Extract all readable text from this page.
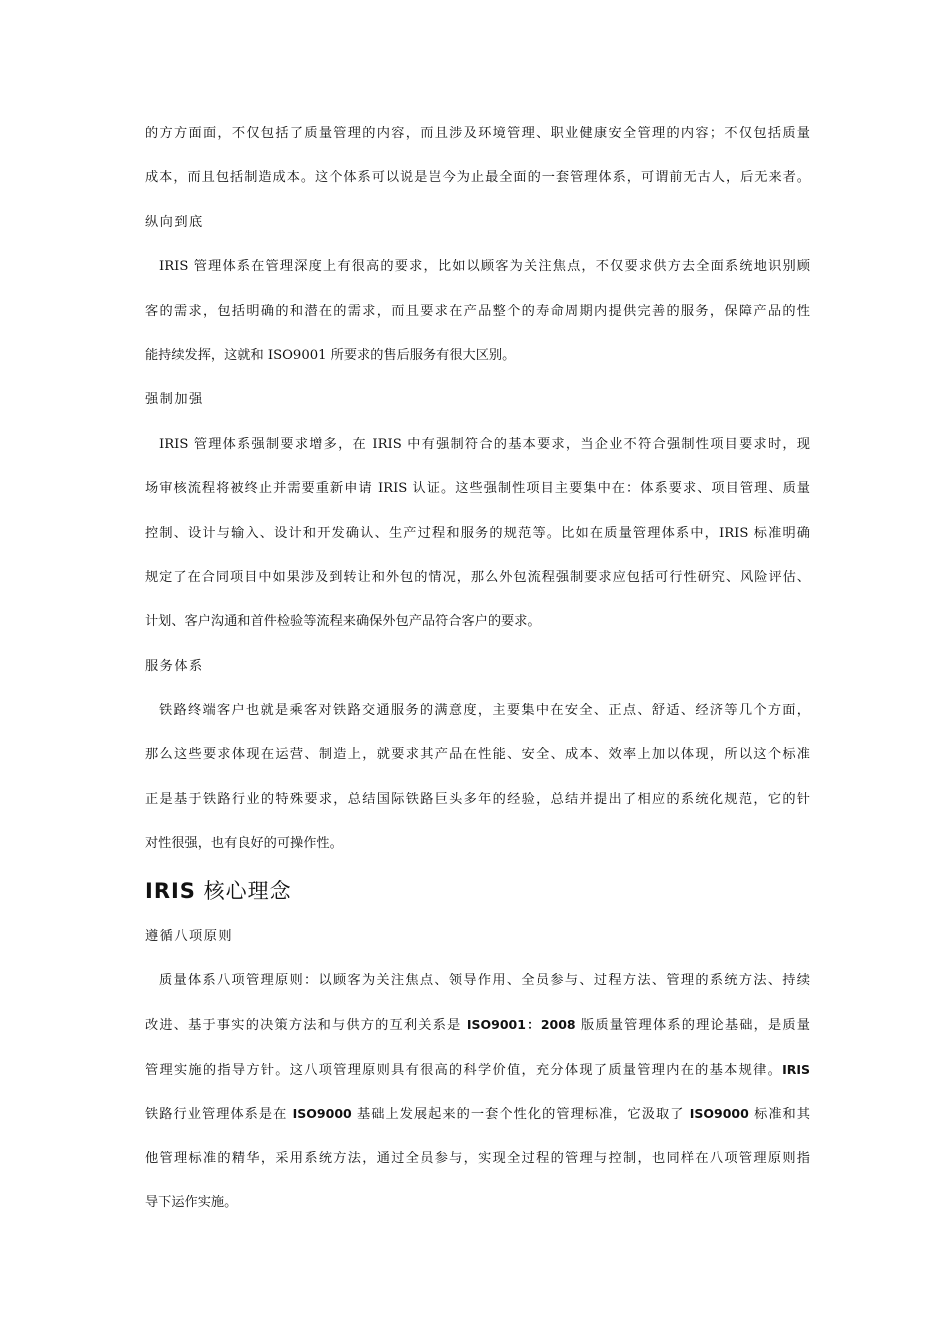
的方方面面，不仅包括了质量管理的内容，而且涉及环境管理、职业健康安全管理的内容；不仅包括质量
成本，而且包括制造成本。这个体系可以说是岂今为止最全面的一套管理体系，可谓前无古人，后无来者。
纵向到底
IRIS 管理体系在管理深度上有很高的要求，比如以顾客为关注焦点，不仅要求供方去全面系统地识别顾
客的需求，包括明确的和潜在的需求，而且要求在产品整个的寿命周期内提供完善的服务，保障产品的性
能持续发挥，这就和 ISO9001 所要求的售后服务有很大区别。
强制加强
IRIS 管理体系强制要求增多，在 IRIS 中有强制符合的基本要求，当企业不符合强制性项目要求时，现
场审核流程将被终止并需要重新申请 IRIS 认证。这些强制性项目主要集中在：体系要求、项目管理、质量
控制、设计与输入、设计和开发确认、生产过程和服务的规范等。比如在质量管理体系中，IRIS 标准明确
规定了在合同项目中如果涉及到转让和外包的情况，那么外包流程强制要求应包括可行性研究、风险评估、
计划、客户沟通和首件检验等流程来确保外包产品符合客户的要求。
服务体系
铁路终端客户也就是乘客对铁路交通服务的满意度，主要集中在安全、正点、舒适、经济等几个方面，
那么这些要求体现在运营、制造上，就要求其产品在性能、安全、成本、效率上加以体现，所以这个标准
正是基于铁路行业的特殊要求，总结国际铁路巨头多年的经验，总结并提出了相应的系统化规范，它的针
对性很强，也有良好的可操作性。
IRIS 核心理念
遵循八项原则
质量体系八项管理原则：以顾客为关注焦点、领导作用、全员参与、过程方法、管理的系统方法、持续
改进、基于事实的决策方法和与供方的互利关系是 ISO9001：2008 版质量管理体系的理论基础，是质量
管理实施的指导方针。这八项管理原则具有很高的科学价值，充分体现了质量管理内在的基本规律。IRIS
铁路行业管理体系是在 ISO9000 基础上发展起来的一套个性化的管理标准，它汲取了 ISO9000 标准和其
他管理标准的精华，采用系统方法，通过全员参与，实现全过程的管理与控制，也同样在八项管理原则指
导下运作实施。
